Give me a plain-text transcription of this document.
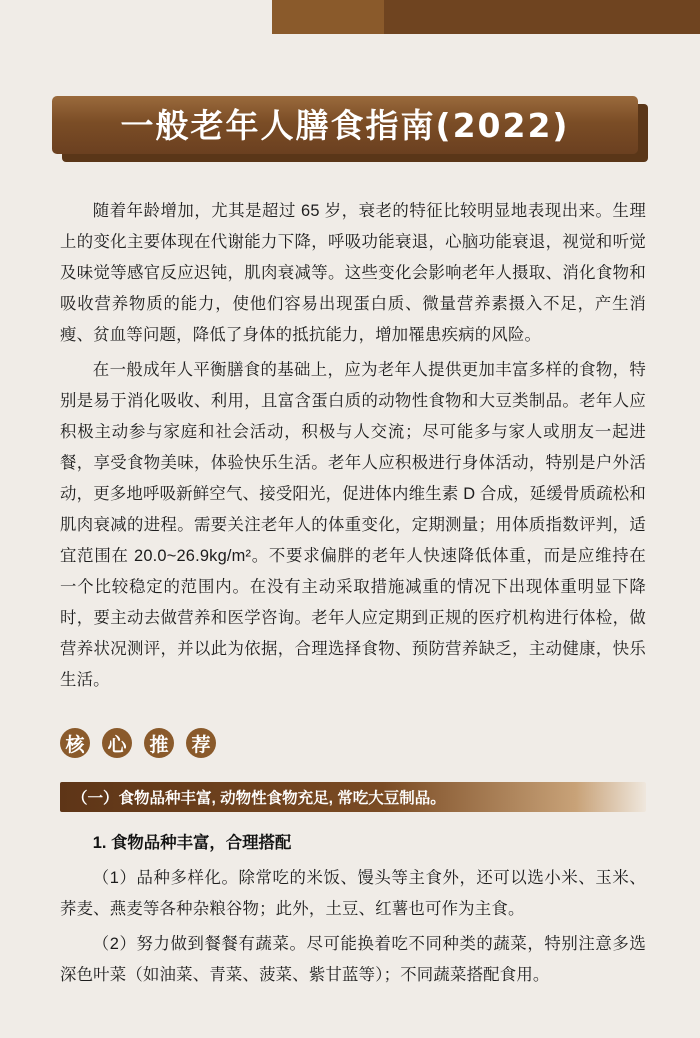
一般老年人膳食指南(2022)

随着年龄增加，尤其是超过 65 岁，衰老的特征比较明显地表现出来。生理上的变化主要体现在代谢能力下降，呼吸功能衰退，心脑功能衰退，视觉和听觉及味觉等感官反应迟钝，肌肉衰减等。这些变化会影响老年人摄取、消化食物和吸收营养物质的能力，使他们容易出现蛋白质、微量营养素摄入不足，产生消瘦、贫血等问题，降低了身体的抵抗能力，增加罹患疾病的风险。

在一般成年人平衡膳食的基础上，应为老年人提供更加丰富多样的食物，特别是易于消化吸收、利用，且富含蛋白质的动物性食物和大豆类制品。老年人应积极主动参与家庭和社会活动，积极与人交流；尽可能多与家人或朋友一起进餐，享受食物美味，体验快乐生活。老年人应积极进行身体活动，特别是户外活动，更多地呼吸新鲜空气、接受阳光，促进体内维生素 D 合成，延缓骨质疏松和肌肉衰减的进程。需要关注老年人的体重变化，定期测量；用体质指数评判，适宜范围在 20.0~26.9kg/m²。不要求偏胖的老年人快速降低体重，而是应维持在一个比较稳定的范围内。在没有主动采取措施减重的情况下出现体重明显下降时，要主动去做营养和医学咨询。老年人应定期到正规的医疗机构进行体检，做营养状况测评，并以此为依据，合理选择食物、预防营养缺乏，主动健康，快乐生活。

核 心 推 荐
（一）食物品种丰富, 动物性食物充足, 常吃大豆制品。

1. 食物品种丰富，合理搭配

（1）品种多样化。除常吃的米饭、馒头等主食外，还可以选小米、玉米、荞麦、燕麦等各种杂粮谷物；此外，土豆、红薯也可作为主食。

（2）努力做到餐餐有蔬菜。尽可能换着吃不同种类的蔬菜，特别注意多选深色叶菜（如油菜、青菜、菠菜、紫甘蓝等）；不同蔬菜搭配食用。
